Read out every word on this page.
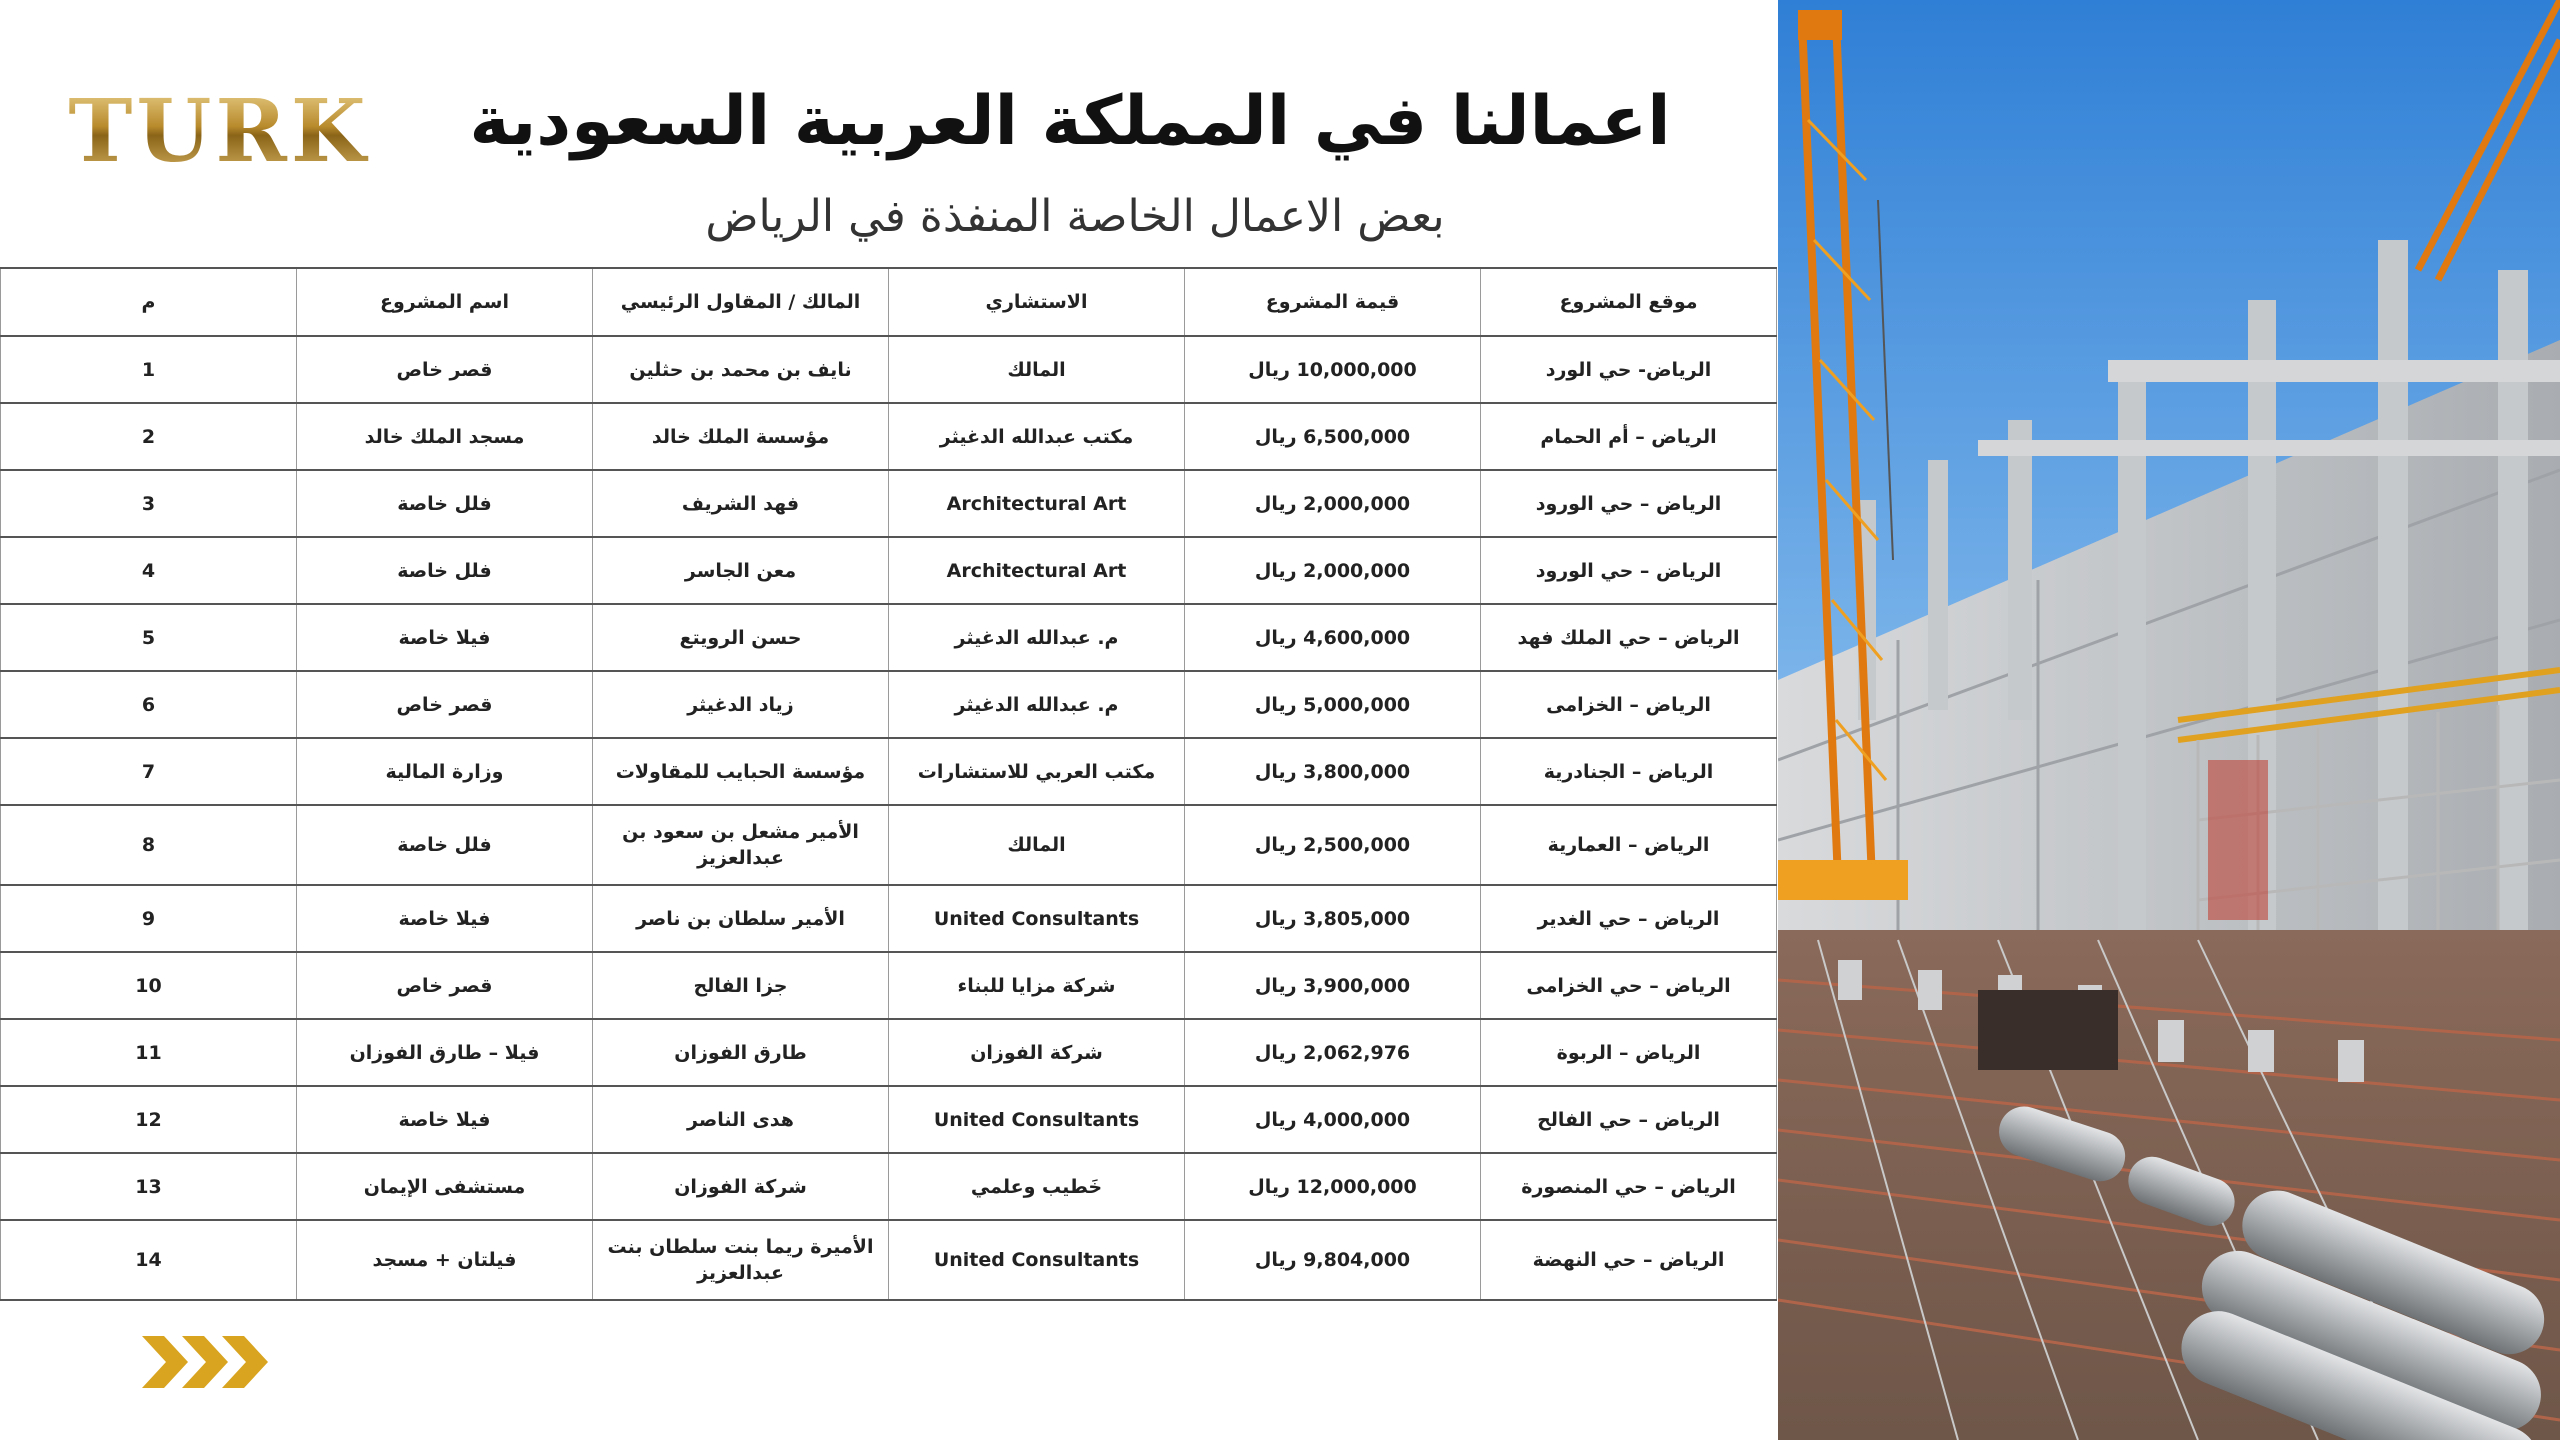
TURK	اعمالنا في المملكة العربية السعودية
بعض الاعمال الخاصة المنفذة في الرياض
موقع المشروع	قيمة المشروع	الاستشاري	المالك / المقاول الرئيسي	اسم المشروع	م
الرياض- حي الورد	10,000,000 ريال	المالك	نايف بن محمد بن حثلين	قصر خاص	1
الرياض – أم الحمام	6,500,000 ريال	مكتب عبدالله الدغيثر	مؤسسة الملك خالد	مسجد الملك خالد	2
الرياض – حي الورود	2,000,000 ريال	Architectural Art	فهد الشريف	فلل خاصة	3
الرياض – حي الورود	2,000,000 ريال	Architectural Art	معن الجاسر	فلل خاصة	4
الرياض – حي الملك فهد	4,600,000 ريال	م. عبدالله الدغيثر	حسن الرويتع	فيلا خاصة	5
الرياض – الخزامى	5,000,000 ريال	م. عبدالله الدغيثر	زياد الدغيثر	قصر خاص	6
الرياض – الجنادرية	3,800,000 ريال	مكتب العربي للاستشارات	مؤسسة الحبايب للمقاولات	وزارة المالية	7
الرياض – العمارية	2,500,000 ريال	المالك	الأمير مشعل بن سعود بن عبدالعزيز	فلل خاصة	8
الرياض – حي الغدير	3,805,000 ريال	United Consultants	الأمير سلطان بن ناصر	فيلا خاصة	9
الرياض – حي الخزامى	3,900,000 ريال	شركة مزايا للبناء	جزا الفالح	قصر خاص	10
الرياض – الربوة	2,062,976 ريال	شركة الفوزان	طارق الفوزان	فيلا – طارق الفوزان	11
الرياض – حي الفالح	4,000,000 ريال	United Consultants	هدى الناصر	فيلا خاصة	12
الرياض – حي المنصورة	12,000,000 ريال	خَطيب وعلمي	شركة الفوزان	مستشفى الإيمان	13
الرياض – حي النهضة	9,804,000 ريال	United Consultants	الأميرة ريما بنت سلطان بنت عبدالعزيز	فيلتان + مسجد	14
